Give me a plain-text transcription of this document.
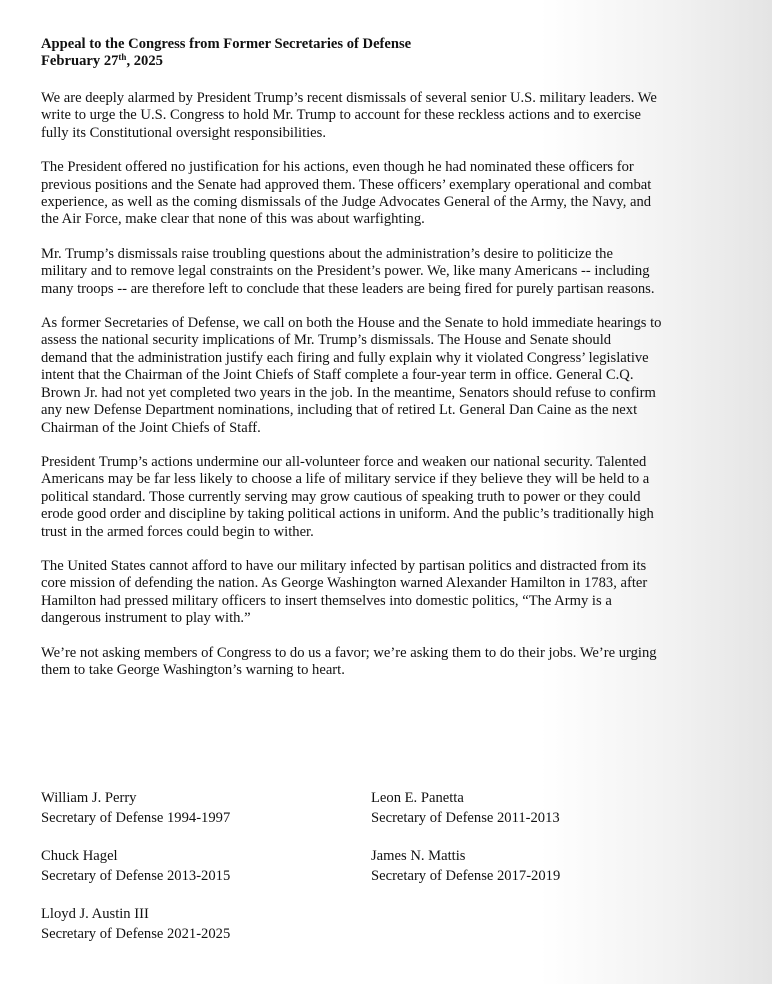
Appeal to the Congress from Former Secretaries of Defense
February 27th, 2025

We are deeply alarmed by President Trump’s recent dismissals of several senior U.S. military leaders. We
write to urge the U.S. Congress to hold Mr. Trump to account for these reckless actions and to exercise
fully its Constitutional oversight responsibilities.

The President offered no justification for his actions, even though he had nominated these officers for
previous positions and the Senate had approved them. These officers’ exemplary operational and combat
experience, as well as the coming dismissals of the Judge Advocates General of the Army, the Navy, and
the Air Force, make clear that none of this was about warfighting.

Mr. Trump’s dismissals raise troubling questions about the administration’s desire to politicize the
military and to remove legal constraints on the President’s power. We, like many Americans -- including
many troops -- are therefore left to conclude that these leaders are being fired for purely partisan reasons.

As former Secretaries of Defense, we call on both the House and the Senate to hold immediate hearings to
assess the national security implications of Mr. Trump’s dismissals. The House and Senate should
demand that the administration justify each firing and fully explain why it violated Congress’ legislative
intent that the Chairman of the Joint Chiefs of Staff complete a four-year term in office. General C.Q.
Brown Jr. had not yet completed two years in the job. In the meantime, Senators should refuse to confirm
any new Defense Department nominations, including that of retired Lt. General Dan Caine as the next
Chairman of the Joint Chiefs of Staff.

President Trump’s actions undermine our all-volunteer force and weaken our national security. Talented
Americans may be far less likely to choose a life of military service if they believe they will be held to a
political standard. Those currently serving may grow cautious of speaking truth to power or they could
erode good order and discipline by taking political actions in uniform. And the public’s traditionally high
trust in the armed forces could begin to wither.

The United States cannot afford to have our military infected by partisan politics and distracted from its
core mission of defending the nation. As George Washington warned Alexander Hamilton in 1783, after
Hamilton had pressed military officers to insert themselves into domestic politics, “The Army is a
dangerous instrument to play with.”

We’re not asking members of Congress to do us a favor; we’re asking them to do their jobs. We’re urging
them to take George Washington’s warning to heart.

William J. Perry
Secretary of Defense 1994-1997
Leon E. Panetta
Secretary of Defense 2011-2013
Chuck Hagel
Secretary of Defense 2013-2015
James N. Mattis
Secretary of Defense 2017-2019
Lloyd J. Austin III
Secretary of Defense 2021-2025
